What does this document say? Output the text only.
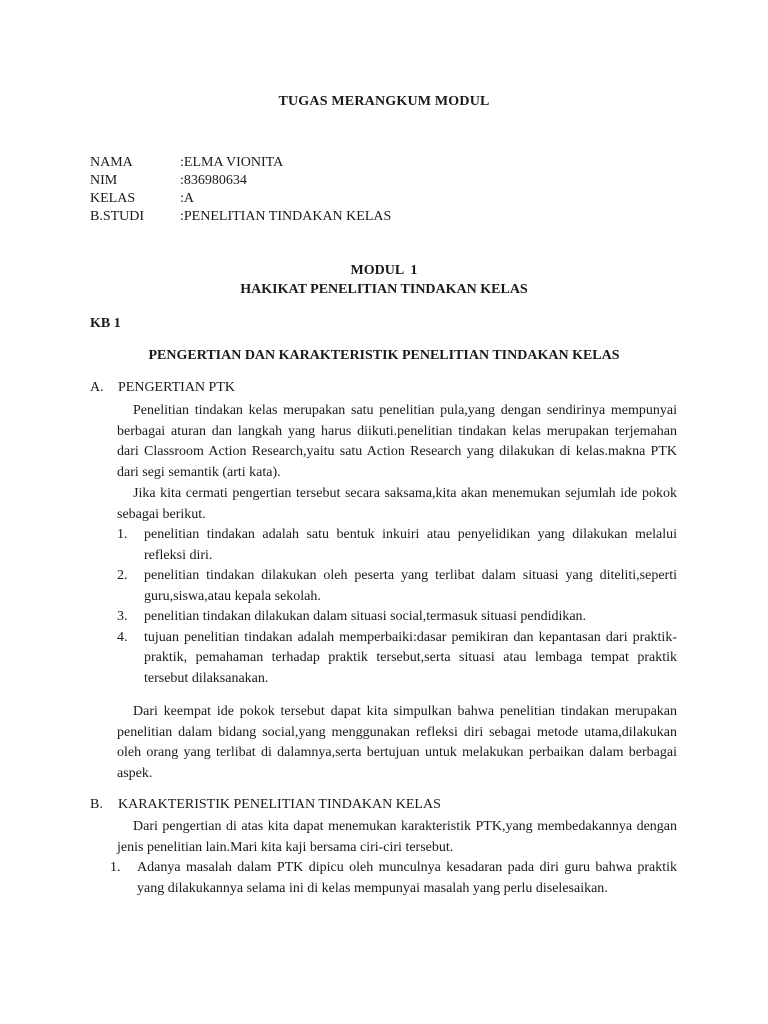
TUGAS MERANGKUM MODUL
NAMA	:ELMA VIONITA
NIM	:836980634
KELAS	:A
B.STUDI	:PENELITIAN TINDAKAN KELAS
MODUL  1
HAKIKAT PENELITIAN TINDAKAN KELAS
KB 1
PENGERTIAN DAN KARAKTERISTIK PENELITIAN TINDAKAN KELAS
A. PENGERTIAN PTK
Penelitian tindakan kelas merupakan satu penelitian pula,yang dengan sendirinya mempunyai berbagai aturan dan langkah yang harus diikuti.penelitian tindakan kelas merupakan terjemahan dari Classroom Action Research,yaitu satu Action Research yang dilakukan di kelas.makna PTK dari segi semantik (arti kata).
Jika kita cermati pengertian tersebut secara saksama,kita akan menemukan sejumlah ide pokok sebagai berikut.
1. penelitian tindakan adalah satu bentuk inkuiri atau penyelidikan yang dilakukan melalui refleksi diri.
2. penelitian tindakan dilakukan oleh peserta yang terlibat dalam situasi yang diteliti,seperti guru,siswa,atau kepala sekolah.
3. penelitian tindakan dilakukan dalam situasi social,termasuk situasi pendidikan.
4. tujuan penelitian tindakan adalah memperbaiki:dasar pemikiran dan kepantasan dari praktik-praktik, pemahaman terhadap praktik tersebut,serta situasi atau lembaga tempat praktik tersebut dilaksanakan.
Dari keempat ide pokok tersebut dapat kita simpulkan bahwa penelitian tindakan merupakan penelitian dalam bidang social,yang menggunakan refleksi diri sebagai metode utama,dilakukan oleh orang yang terlibat di dalamnya,serta bertujuan untuk melakukan perbaikan dalam berbagai aspek.
B. KARAKTERISTIK PENELITIAN TINDAKAN KELAS
Dari pengertian di atas kita dapat menemukan karakteristik PTK,yang membedakannya dengan jenis penelitian lain.Mari kita kaji bersama ciri-ciri tersebut.
1. Adanya masalah dalam PTK dipicu oleh munculnya kesadaran pada diri guru bahwa praktik yang dilakukannya selama ini di kelas mempunyai masalah yang perlu diselesaikan.
